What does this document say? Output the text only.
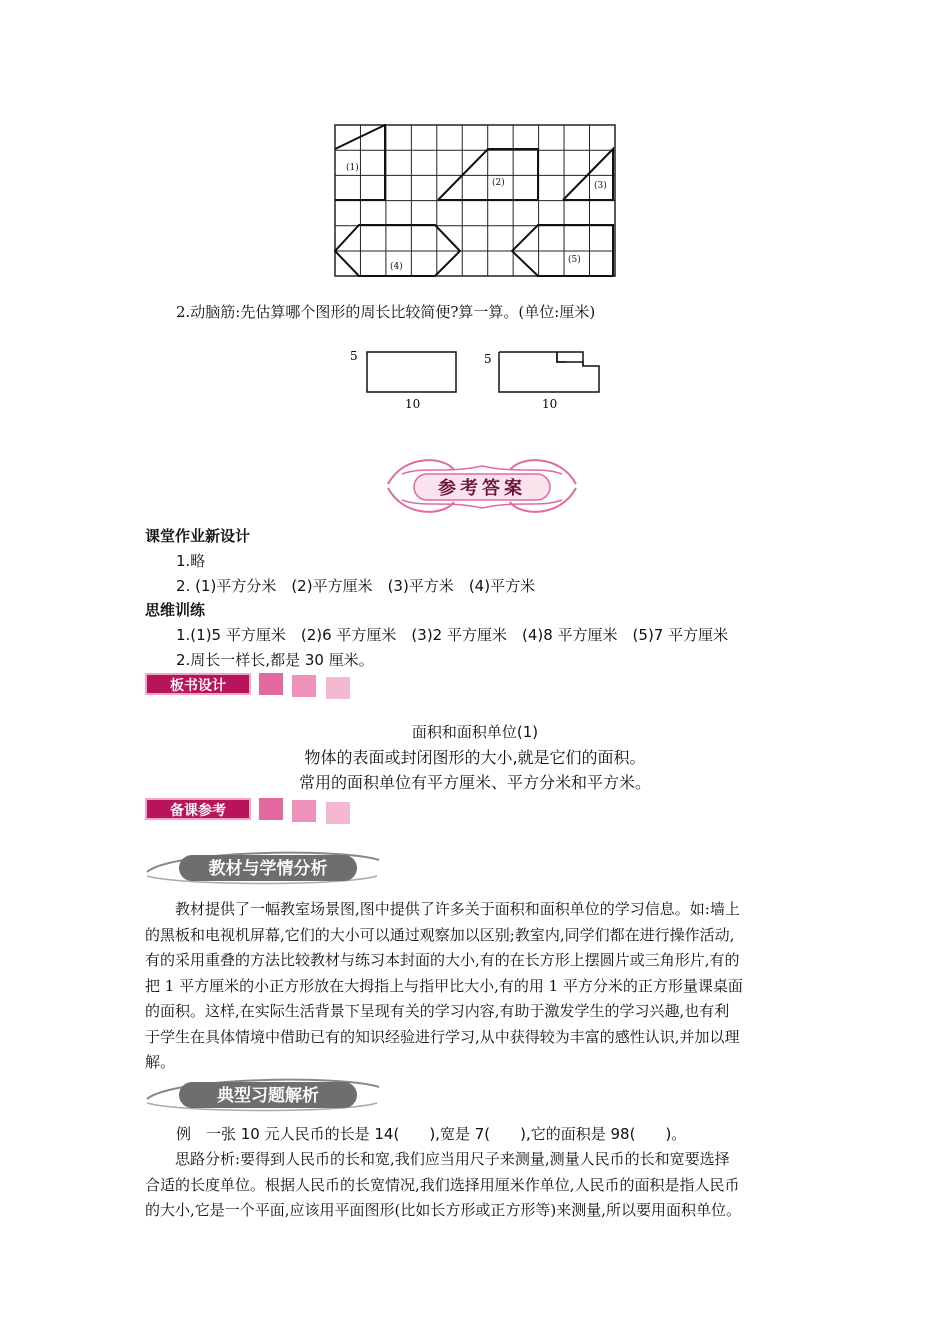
(1)
(2)	(3)
(4)
(5)
2.动脑筋:先估算哪个图形的周长比较简便?算一算。(单位:厘米)
5
10
5
10
参考答案
课堂作业新设计
1.略
2. (1)平方分米　(2)平方厘米　(3)平方米　(4)平方米
思维训练
1.(1)5 平方厘米　(2)6 平方厘米　(3)2 平方厘米　(4)8 平方厘米　(5)7 平方厘米
2.周长一样长,都是 30 厘米。
板书设计
面积和面积单位(1)
物体的表面或封闭图形的大小,就是它们的面积。
常用的面积单位有平方厘米、平方分米和平方米。
备课参考
教材与学情分析
教材提供了一幅教室场景图,图中提供了许多关于面积和面积单位的学习信息。如:墙上
的黑板和电视机屏幕,它们的大小可以通过观察加以区别;教室内,同学们都在进行操作活动,
有的采用重叠的方法比较教材与练习本封面的大小,有的在长方形上摆圆片或三角形片,有的
把 1 平方厘米的小正方形放在大拇指上与指甲比大小,有的用 1 平方分米的正方形量课桌面
的面积。这样,在实际生活背景下呈现有关的学习内容,有助于激发学生的学习兴趣,也有利
于学生在具体情境中借助已有的知识经验进行学习,从中获得较为丰富的感性认识,并加以理
解。
典型习题解析
例　一张 10 元人民币的长是 14(　　),宽是 7(　　),它的面积是 98(　　)。
思路分析:要得到人民币的长和宽,我们应当用尺子来测量,测量人民币的长和宽要选择
合适的长度单位。根据人民币的长宽情况,我们选择用厘米作单位,人民币的面积是指人民币
的大小,它是一个平面,应该用平面图形(比如长方形或正方形等)来测量,所以要用面积单位。
